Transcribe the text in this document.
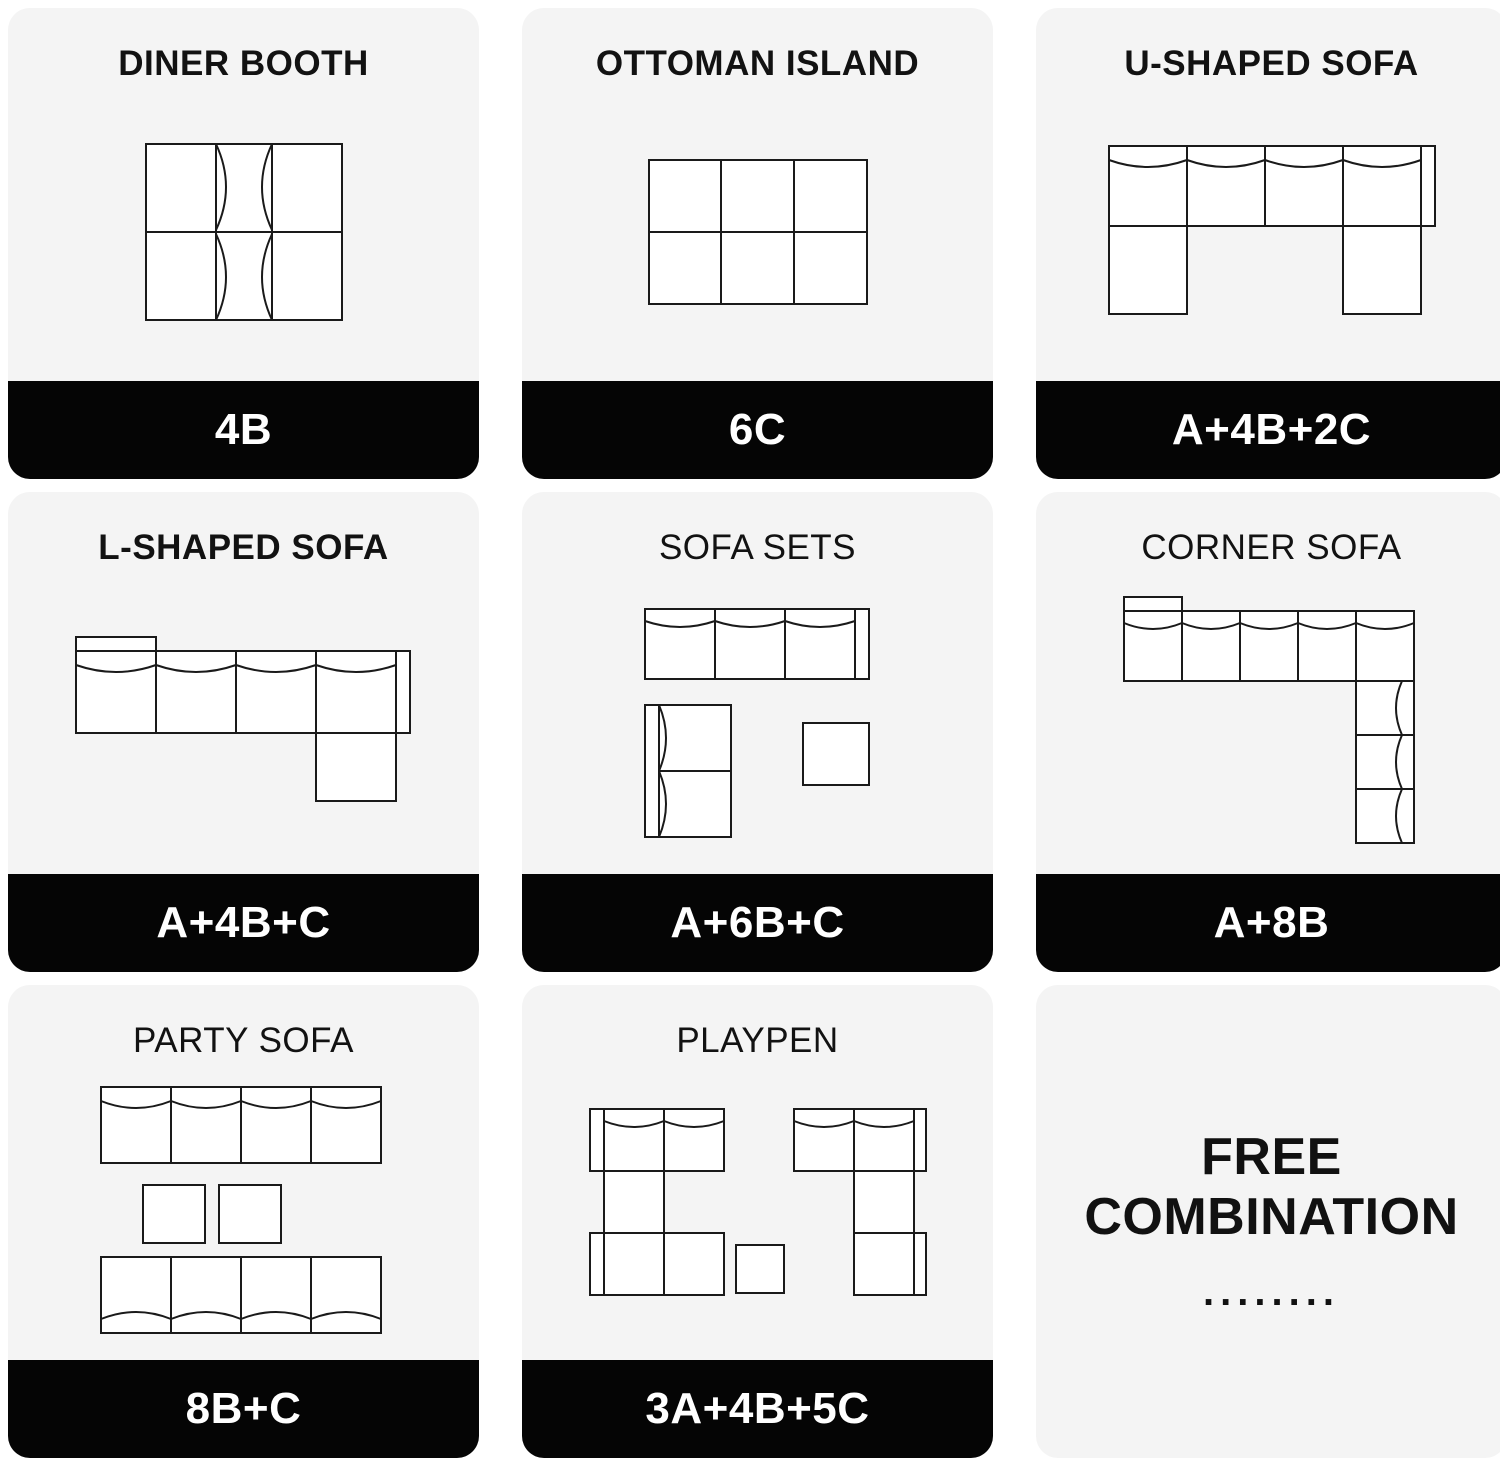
DINER BOOTH
4B
OTTOMAN ISLAND
6C
U-SHAPED SOFA
A+4B+2C
L-SHAPED SOFA
A+4B+C
SOFA SETS
A+6B+C
CORNER SOFA
A+8B
PARTY SOFA
8B+C
PLAYPEN
3A+4B+5C
FREE COMBINATION
........
